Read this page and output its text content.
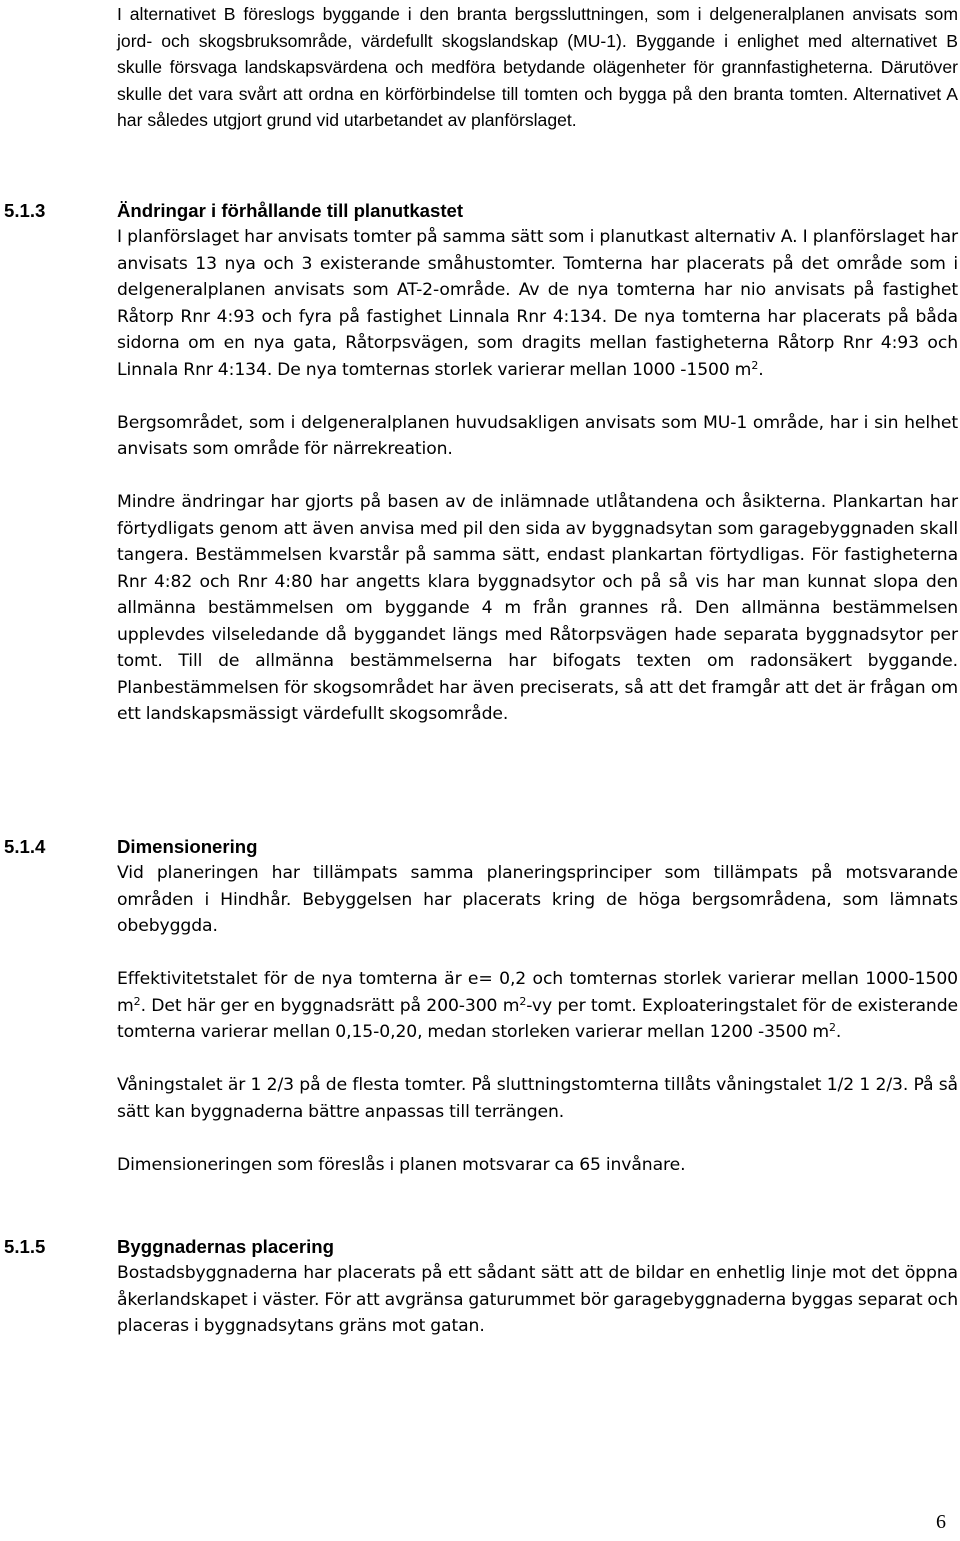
I alternativet B föreslogs byggande i den branta bergssluttningen, som i delgeneralplanen anvisats som jord- och skogsbruksområde, värdefullt skogslandskap (MU-1). Byggande i enlighet med alternativet B skulle försvaga landskapsvärdena och medföra betydande olägenheter för grannfastigheterna. Därutöver skulle det vara svårt att ordna en körförbindelse till tomten och bygga på den branta tomten. Alternativet A har således utgjort grund vid utarbetandet av planförslaget.

5.1.3	Ändringar i förhållande till planutkastet

I planförslaget har anvisats tomter på samma sätt som i planutkast alternativ A. I planförslaget har anvisats 13 nya och 3 existerande småhustomter. Tomterna har placerats på det område som i delgeneralplanen anvisats som AT-2-område. Av de nya tomterna har nio anvisats på fastighet Råtorp Rnr 4:93 och fyra på fastighet Linnala Rnr 4:134. De nya tomterna har placerats på båda sidorna om en nya gata, Råtorpsvägen, som dragits mellan fastigheterna Råtorp Rnr 4:93 och Linnala Rnr 4:134. De nya tomternas storlek varierar mellan 1000 -1500 $m^2$.

Bergsområdet, som i delgeneralplanen huvudsakligen anvisats som MU-1 område, har i sin helhet anvisats som område för närrekreation.

Mindre ändringar har gjorts på basen av de inlämnade utlåtandena och åsikterna. Plankartan har förtydligats genom att även anvisa med pil den sida av byggnadsytan som garagebyggnaden skall tangera. Bestämmelsen kvarstår på samma sätt, endast plankartan förtydligas. För fastigheterna Rnr 4:82 och Rnr 4:80 har angetts klara byggnadsytor och på så vis har man kunnat slopa den allmänna bestämmelsen om byggande 4 m från grannes rå. Den allmänna bestämmelsen upplevdes vilseledande då byggandet längs med Råtorpsvägen hade separata byggnadsytor per tomt. Till de allmänna bestämmelserna har bifogats texten om radonsäkert byggande. Planbestämmelsen för skogsområdet har även preciserats, så att det framgår att det är frågan om ett landskapsmässigt värdefullt skogsområde.

5.1.4	Dimensionering

Vid planeringen har tillämpats samma planeringsprinciper som tillämpats på motsvarande områden i Hindhår. Bebyggelsen har placerats kring de höga bergsområdena, som lämnats obebyggda.

Effektivitetstalet för de nya tomterna är e= 0,2 och tomternas storlek varierar mellan 1000-1500 $m^2$. Det här ger en byggnadsrätt på 200-300 $m^2-vy$ per tomt. Exploateringstalet för de existerande tomterna varierar mellan 0,15-0,20, medan storleken varierar mellan 1200 -3500 $m^2$.

Våningstalet är 1 2/3 på de flesta tomter. På sluttningstomterna tillåts våningstalet 1/2 1 2/3. På så sätt kan byggnaderna bättre anpassas till terrängen.

Dimensioneringen som föreslås i planen motsvarar ca 65 invånare.

5.1.5	Byggnadernas placering

Bostadsbyggnaderna har placerats på ett sådant sätt att de bildar en enhetlig linje mot det öppna åkerlandskapet i väster. För att avgränsa gaturummet bör garagebyggnaderna byggas separat och placeras i byggnadsytans gräns mot gatan.

6
